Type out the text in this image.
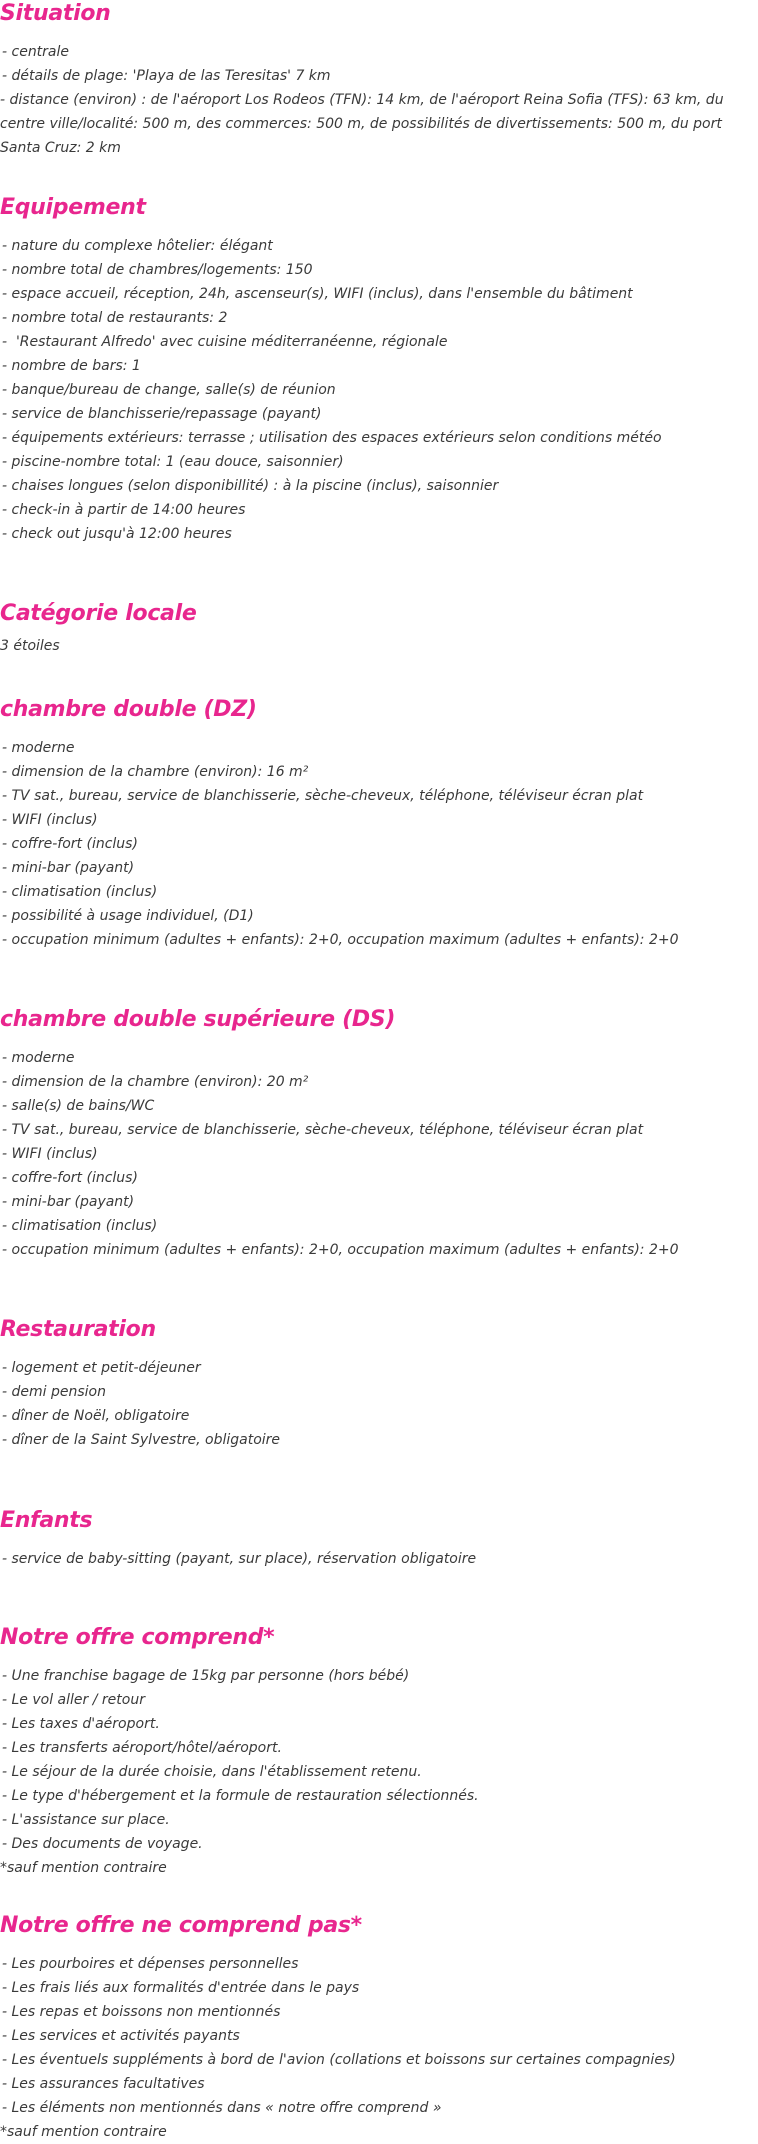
Situation
- centrale
- détails de plage: 'Playa de las Teresitas' 7 km
- distance (environ) : de l'aéroport Los Rodeos (TFN): 14 km, de l'aéroport Reina Sofia (TFS): 63 km, du centre ville/localité: 500 m, des commerces: 500 m, de possibilités de divertissements: 500 m, du port Santa Cruz: 2 km
Equipement
- nature du complexe hôtelier: élégant
- nombre total de chambres/logements: 150
- espace accueil, réception, 24h, ascenseur(s), WIFI (inclus), dans l'ensemble du bâtiment
- nombre total de restaurants: 2
-  'Restaurant Alfredo' avec cuisine méditerranéenne, régionale
- nombre de bars: 1
- banque/bureau de change, salle(s) de réunion
- service de blanchisserie/repassage (payant)
- équipements extérieurs: terrasse ; utilisation des espaces extérieurs selon conditions météo
- piscine-nombre total: 1 (eau douce, saisonnier)
- chaises longues (selon disponibillité) : à la piscine (inclus), saisonnier
- check-in à partir de 14:00 heures
- check out jusqu'à 12:00 heures
Catégorie locale
3 étoiles
chambre double (DZ)
- moderne
- dimension de la chambre (environ): 16 m²
- TV sat., bureau, service de blanchisserie, sèche-cheveux, téléphone, téléviseur écran plat
- WIFI (inclus)
- coffre-fort (inclus)
- mini-bar (payant)
- climatisation (inclus)
- possibilité à usage individuel, (D1)
- occupation minimum (adultes + enfants): 2+0, occupation maximum (adultes + enfants): 2+0
chambre double supérieure (DS)
- moderne
- dimension de la chambre (environ): 20 m²
- salle(s) de bains/WC
- TV sat., bureau, service de blanchisserie, sèche-cheveux, téléphone, téléviseur écran plat
- WIFI (inclus)
- coffre-fort (inclus)
- mini-bar (payant)
- climatisation (inclus)
- occupation minimum (adultes + enfants): 2+0, occupation maximum (adultes + enfants): 2+0
Restauration
- logement et petit-déjeuner
- demi pension
- dîner de Noël, obligatoire
- dîner de la Saint Sylvestre, obligatoire
Enfants
- service de baby-sitting (payant, sur place), réservation obligatoire
Notre offre comprend*
- Une franchise bagage de 15kg par personne (hors bébé)
- Le vol aller / retour
- Les taxes d'aéroport.
- Les transferts aéroport/hôtel/aéroport.
- Le séjour de la durée choisie, dans l'établissement retenu.
- Le type d'hébergement et la formule de restauration sélectionnés.
- L'assistance sur place.
- Des documents de voyage.
*sauf mention contraire
Notre offre ne comprend pas*
- Les pourboires et dépenses personnelles
- Les frais liés aux formalités d'entrée dans le pays
- Les repas et boissons non mentionnés
- Les services et activités payants
- Les éventuels suppléments à bord de l'avion (collations et boissons sur certaines compagnies)
- Les assurances facultatives
- Les éléments non mentionnés dans « notre offre comprend »
*sauf mention contraire
